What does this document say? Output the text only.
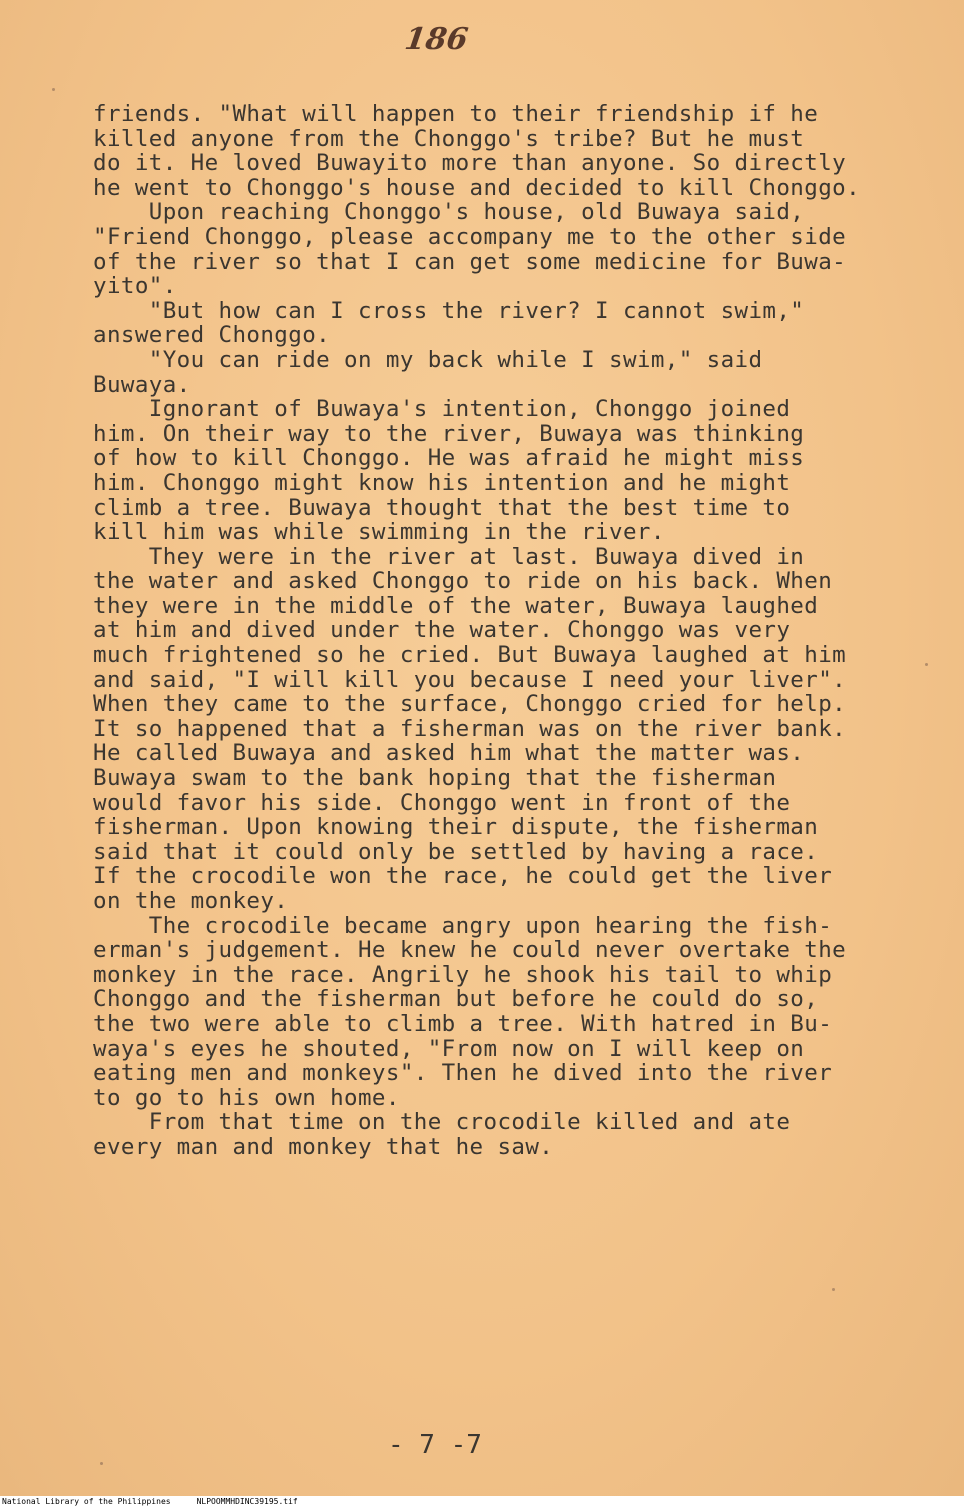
186
friends. "What will happen to their friendship if he
killed anyone from the Chonggo's tribe? But he must
do it. He loved Buwayito more than anyone. So directly
he went to Chonggo's house and decided to kill Chonggo.
Upon reaching Chonggo's house, old Buwaya said,
"Friend Chonggo, please accompany me to the other side
of the river so that I can get some medicine for Buwa-
yito".
"But how can I cross the river? I cannot swim,"
answered Chonggo.
"You can ride on my back while I swim," said
Buwaya.
Ignorant of Buwaya's intention, Chonggo joined
him. On their way to the river, Buwaya was thinking
of how to kill Chonggo. He was afraid he might miss
him. Chonggo might know his intention and he might
climb a tree. Buwaya thought that the best time to
kill him was while swimming in the river.
They were in the river at last. Buwaya dived in
the water and asked Chonggo to ride on his back. When
they were in the middle of the water, Buwaya laughed
at him and dived under the water. Chonggo was very
much frightened so he cried. But Buwaya laughed at him
and said, "I will kill you because I need your liver".
When they came to the surface, Chonggo cried for help.
It so happened that a fisherman was on the river bank.
He called Buwaya and asked him what the matter was.
Buwaya swam to the bank hoping that the fisherman
would favor his side. Chonggo went in front of the
fisherman. Upon knowing their dispute, the fisherman
said that it could only be settled by having a race.
If the crocodile won the race, he could get the liver
on the monkey.
The crocodile became angry upon hearing the fish-
erman's judgement. He knew he could never overtake the
monkey in the race. Angrily he shook his tail to whip
Chonggo and the fisherman but before he could do so,
the two were able to climb a tree. With hatred in Bu-
waya's eyes he shouted, "From now on I will keep on
eating men and monkeys". Then he dived into the river
to go to his own home.
From that time on the crocodile killed and ate
every man and monkey that he saw.
- 7 -7
National Library of the Philippines	NLPOOMMHDINC39195.tif
